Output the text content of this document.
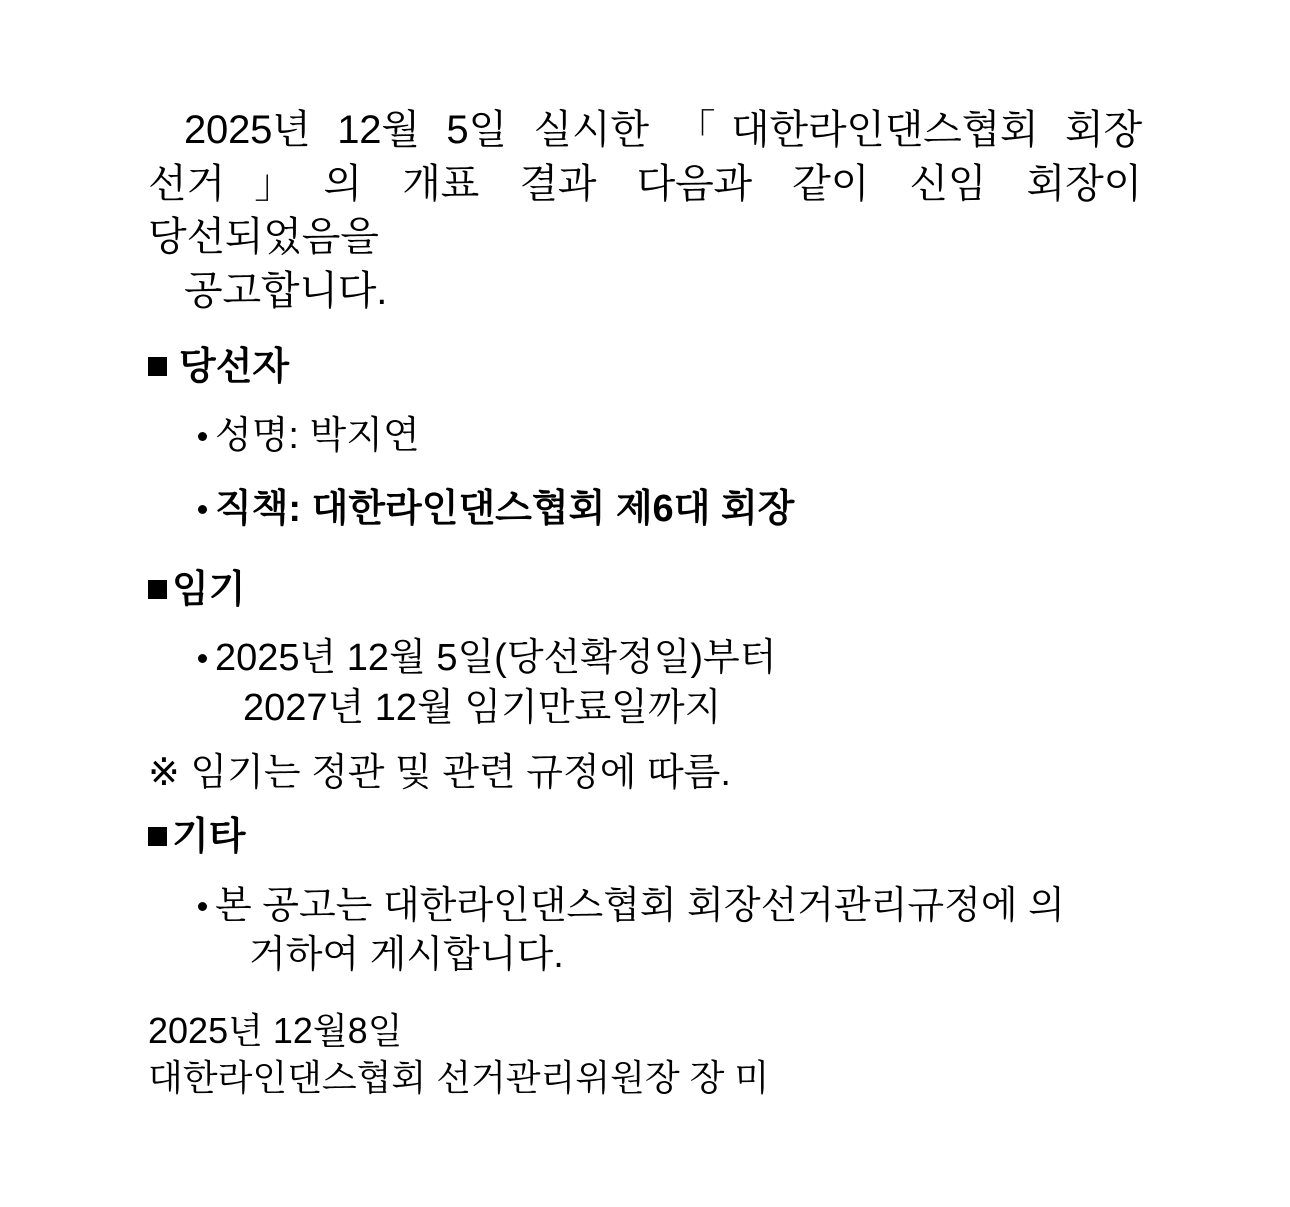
2025년 12월 5일 실시한 「대한라인댄스협회 회장 선거」의 개표 결과 다음과 같이 신임 회장이 당선되었음을
공고합니다.

당선자
성명: 박지연
직책: 대한라인댄스협회 제6대 회장
임기
2025년 12월 5일(당선확정일)부터
2027년 12월 임기만료일까지
※ 임기는 정관 및 관련 규정에 따름.
기타
본 공고는 대한라인댄스협회 회장선거관리규정에 의
거하여 게시합니다.
2025년 12월8일
대한라인댄스협회 선거관리위원장 장 미
